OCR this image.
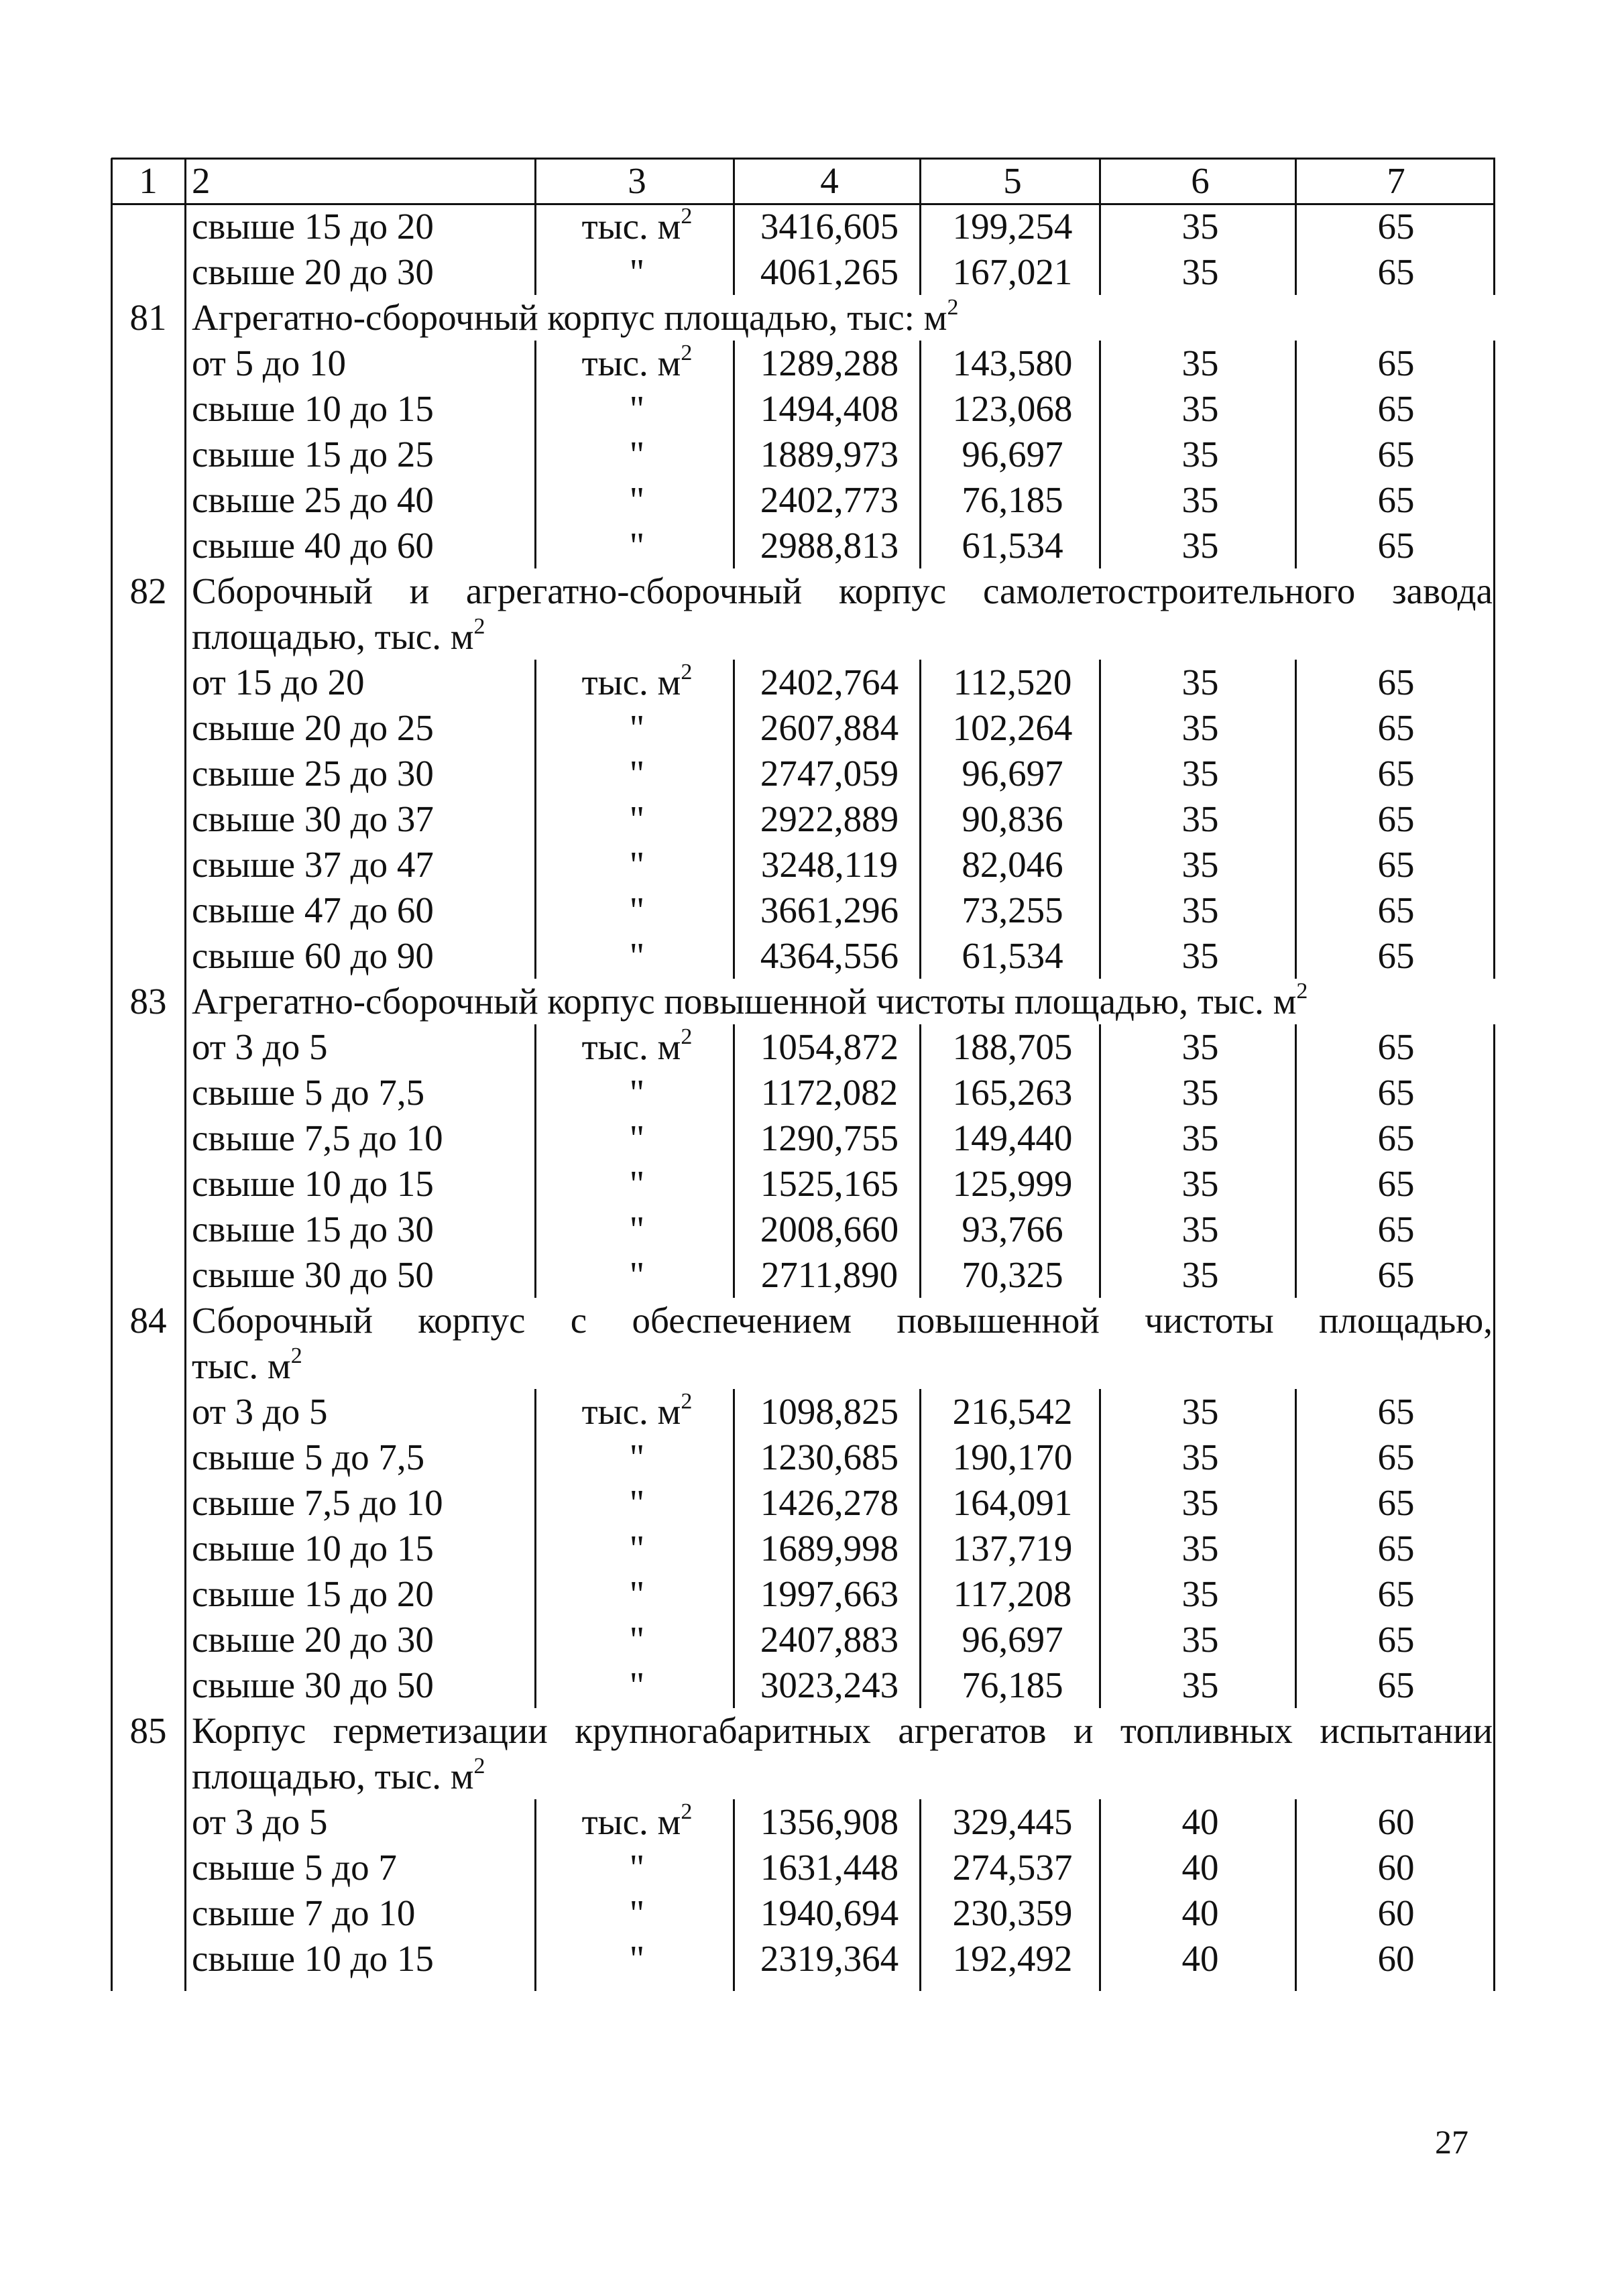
1 2	3	4	5	6	7
свыше 15 до 20	тыс. $м^2$	3416,605	199,254	35	65
свыше 20 до 30	"	4061,265	167,021	35	65
81 Агрегатно-сборочный корпус площадью, тыс: $м^2$
от 5 до 10	тыс. $м^2$	1289,288	143,580	35	65
свыше 10 до 15	"	1494,408	123,068	35	65
свыше 15 до 25	"	1889,973	96,697	35	65
свыше 25 до 40	"	2402,773	76,185	35	65
свыше 40 до 60	"	2988,813	61,534	35	65
82 Сборочный и агрегатно-сборочный корпус самолетостроительного завода
площадью, тыс. $м^2$
от 15 до 20	тыс. $м^2$	2402,764	112,520	35	65
свыше 20 до 25	"	2607,884	102,264	35	65
свыше 25 до 30	"	2747,059	96,697	35	65
свыше 30 до 37	"	2922,889	90,836	35	65
свыше 37 до 47	"	3248,119	82,046	35	65
свыше 47 до 60	"	3661,296	73,255	35	65
свыше 60 до 90	"	4364,556	61,534	35	65
83 Агрегатно-сборочный корпус повышенной чистоты площадью, тыс. $м^2$
от 3 до 5	тыс. $м^2$	1054,872	188,705	35	65
свыше 5 до 7,5	"	1172,082	165,263	35	65
свыше 7,5 до 10	"	1290,755	149,440	35	65
свыше 10 до 15	"	1525,165	125,999	35	65
свыше 15 до 30	"	2008,660	93,766	35	65
свыше 30 до 50	"	2711,890	70,325	35	65
84 Сборочный корпус с обеспечением повышенной чистоты площадью,
тыс. $м^2$
от 3 до 5	тыс. $м^2$	1098,825	216,542	35	65
свыше 5 до 7,5	"	1230,685	190,170	35	65
свыше 7,5 до 10	"	1426,278	164,091	35	65
свыше 10 до 15	"	1689,998	137,719	35	65
свыше 15 до 20	"	1997,663	117,208	35	65
свыше 20 до 30	"	2407,883	96,697	35	65
свыше 30 до 50	"	3023,243	76,185	35	65
85 Корпус герметизации крупногабаритных агрегатов и топливных испытании
площадью, тыс. $м^2$
от 3 до 5	тыс. $м^2$	1356,908	329,445	40	60
свыше 5 до 7	"	1631,448	274,537	40	60
свыше 7 до 10	"	1940,694	230,359	40	60
свыше 10 до 15	"	2319,364	192,492	40	60
27
